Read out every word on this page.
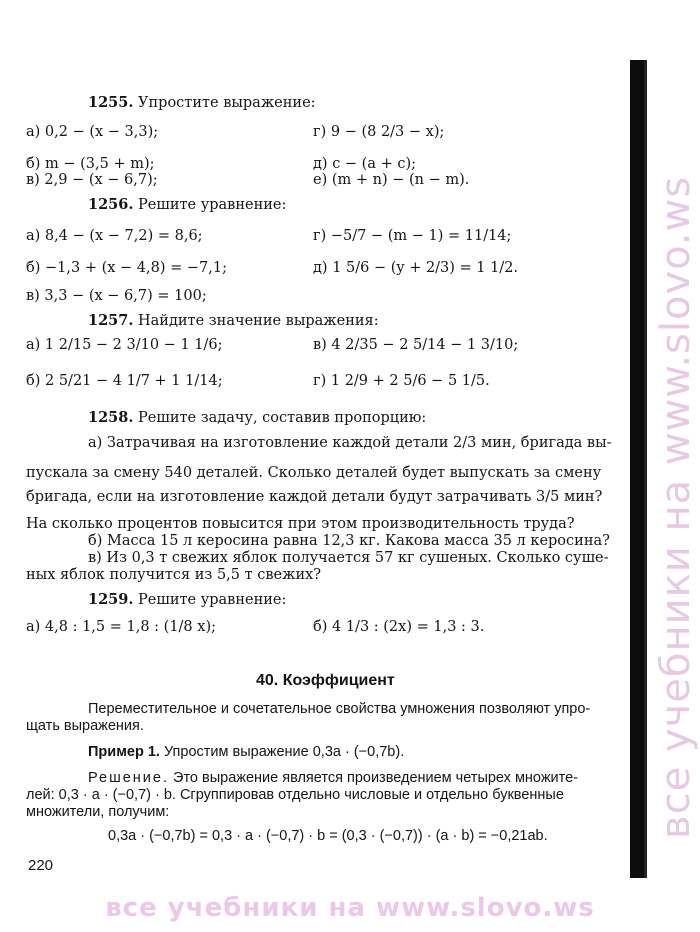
все учебники на www.slovo.ws
1255. Упростите выражение:
а) 0,2 − (x − 3,3);	г) 9 − (8 2/3 − x);
б) m − (3,5 + m);	д) c − (a + c);
в) 2,9 − (x − 6,7);	е) (m + n) − (n − m).
1256. Решите уравнение:
а) 8,4 − (x − 7,2) = 8,6;	г) −5/7 − (m − 1) = 11/14;
б) −1,3 + (x − 4,8) = −7,1;	д) 1 5/6 − (y + 2/3) = 1 1/2.
в) 3,3 − (x − 6,7) = 100;
1257. Найдите значение выражения:
а) 1 2/15 − 2 3/10 − 1 1/6;	в) 4 2/35 − 2 5/14 − 1 3/10;
б) 2 5/21 − 4 1/7 + 1 1/14;	г) 1 2/9 + 2 5/6 − 5 1/5.
1258. Решите задачу, составив пропорцию:
а) Затрачивая на изготовление каждой детали 2/3 мин, бригада вы-
пускала за смену 540 деталей. Сколько деталей будет выпускать за смену
бригада, если на изготовление каждой детали будут затрачивать 3/5 мин?
На сколько процентов повысится при этом производительность труда?
б) Масса 15 л керосина равна 12,3 кг. Какова масса 35 л керосина?
в) Из 0,3 т свежих яблок получается 57 кг сушеных. Сколько суше-
ных яблок получится из 5,5 т свежих?
1259. Решите уравнение:
а) 4,8 : 1,5 = 1,8 : (1/8 x);	б) 4 1/3 : (2x) = 1,3 : 3.
Переместительное и сочетательное свойства умножения позволяют упро-
щать выражения.
Пример 1. Упростим выражение 0,3a · (−0,7b).
Решение. Это выражение является произведением четырех множите-
лей: 0,3 · a · (−0,7) · b. Сгруппировав отдельно числовые и отдельно буквенные
множители, получим:
0,3a · (−0,7b) = 0,3 · a · (−0,7) · b = (0,3 · (−0,7)) · (a · b) = −0,21ab.
40. Коэффициент
220
все учебники на www.slovo.ws
